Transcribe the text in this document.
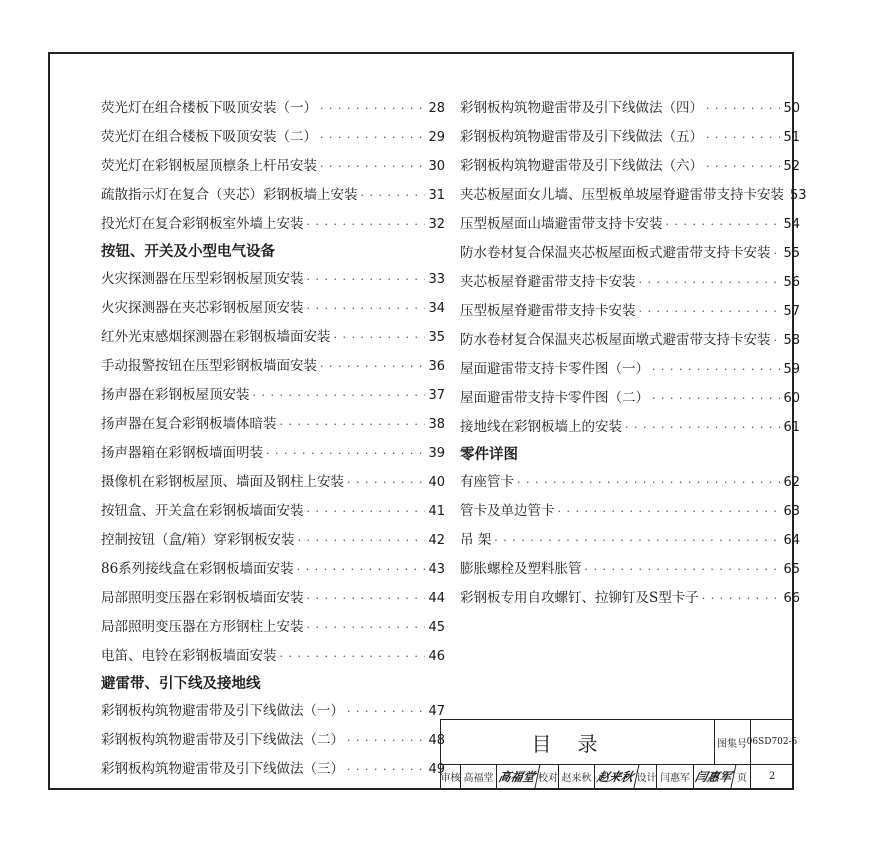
荧光灯在组合楼板下吸顶安装（一） · · ·	28
荧光灯在组合楼板下吸顶安装（二） · · ·	29
荧光灯在彩钢板屋顶檩条上杆吊安装 · · ·	30
疏散指示灯在复合（夹芯）彩钢板墙上安装 · · ·	31
投光灯在复合彩钢板室外墙上安装 · · ·	32
按钮、开关及小型电气设备
火灾探测器在压型彩钢板屋顶安装 · · ·	33
火灾探测器在夹芯彩钢板屋顶安装 · · ·	34
红外光束感烟探测器在彩钢板墙面安装 · · ·	35
手动报警按钮在压型彩钢板墙面安装 · · ·	36
扬声器在彩钢板屋顶安装 · · ·	37
扬声器在复合彩钢板墙体暗装 · · ·	38
扬声器箱在彩钢板墙面明装 · · ·	39
摄像机在彩钢板屋顶、墙面及钢柱上安装 · · ·	40
按钮盒、开关盒在彩钢板墙面安装 · · ·	41
控制按钮（盒/箱）穿彩钢板安装 · · ·	42
86系列接线盒在彩钢板墙面安装 · · ·	43
局部照明变压器在彩钢板墙面安装 · · ·	44
局部照明变压器在方形钢柱上安装 · · ·	45
电笛、电铃在彩钢板墙面安装 · · ·	46
避雷带、引下线及接地线
彩钢板构筑物避雷带及引下线做法（一） · · ·	47
彩钢板构筑物避雷带及引下线做法（二） · · ·	48
彩钢板构筑物避雷带及引下线做法（三） · · ·	49
彩钢板构筑物避雷带及引下线做法（四） · · ·	50
彩钢板构筑物避雷带及引下线做法（五） · · ·	51
彩钢板构筑物避雷带及引下线做法（六） · · ·	52
夹芯板屋面女儿墙、压型板单坡屋脊避雷带支持卡安装 53
压型板屋面山墙避雷带支持卡安装 · · ·	54
防水卷材复合保温夹芯板屋面板式避雷带支持卡安装 · · · 55
夹芯板屋脊避雷带支持卡安装 · · ·	56
压型板屋脊避雷带支持卡安装 · · ·	57
防水卷材复合保温夹芯板屋面墩式避雷带支持卡安装 · · · 58
屋面避雷带支持卡零件图（一） · · ·	59
屋面避雷带支持卡零件图（二） · · ·	60
接地线在彩钢板墙上的安装 · · ·	61
零件详图
有座管卡 · · ·	62
管卡及单边管卡 · · ·	63
吊 架 · · ·	64
膨胀螺栓及塑料胀管 · · ·	65
彩钢板专用自攻螺钉、拉铆钉及S型卡子 · · ·	66
目录	图集号 06SD702-5
审核 高福堂 高福堂 校对 赵来秋 赵来秋 设计 闫惠军 闫惠军 页	2
